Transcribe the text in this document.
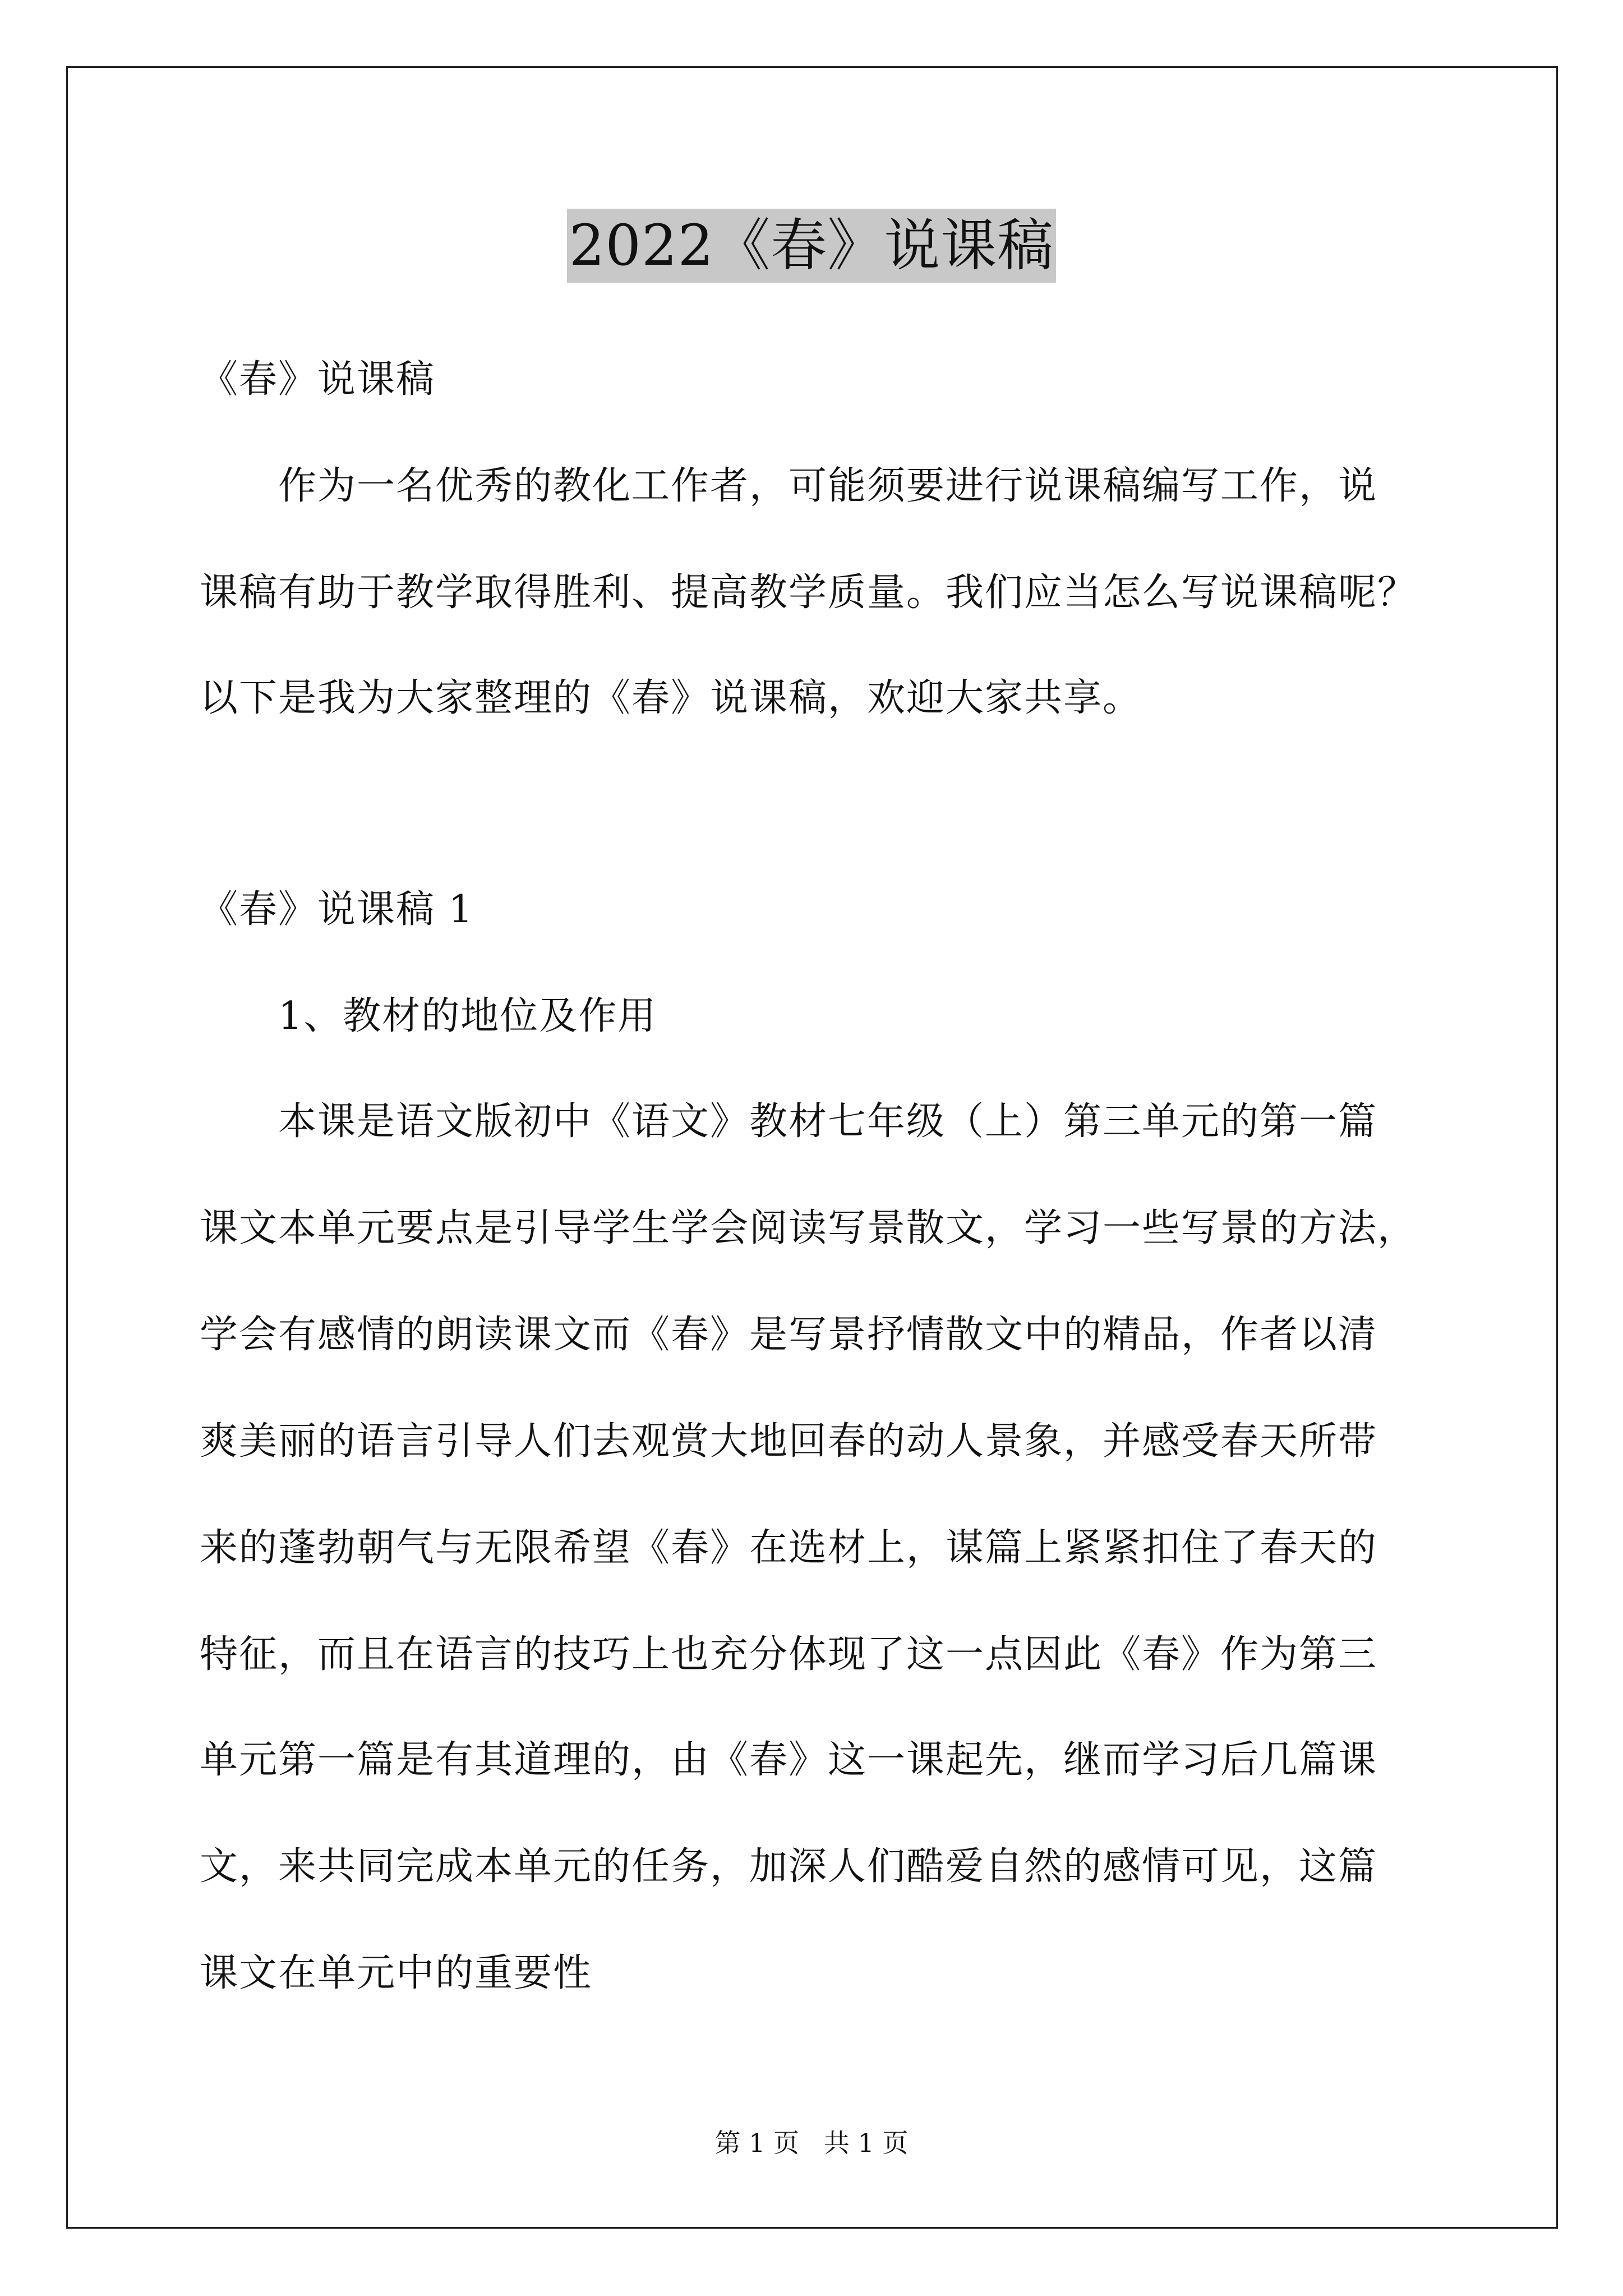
2022《春》说课稿
《春》说课稿
作为一名优秀的教化工作者，可能须要进行说课稿编写工作，说
课稿有助于教学取得胜利、提高教学质量。我们应当怎么写说课稿呢？
以下是我为大家整理的《春》说课稿，欢迎大家共享。
《春》说课稿 1
1、教材的地位及作用
本课是语文版初中《语文》教材七年级（上）第三单元的第一篇
课文本单元要点是引导学生学会阅读写景散文，学习一些写景的方法，
学会有感情的朗读课文而《春》是写景抒情散文中的精品，作者以清
爽美丽的语言引导人们去观赏大地回春的动人景象，并感受春天所带
来的蓬勃朝气与无限希望《春》在选材上，谋篇上紧紧扣住了春天的
特征，而且在语言的技巧上也充分体现了这一点因此《春》作为第三
单元第一篇是有其道理的，由《春》这一课起先，继而学习后几篇课
文，来共同完成本单元的任务，加深人们酷爱自然的感情可见，这篇
课文在单元中的重要性
第 1 页   共 1 页
